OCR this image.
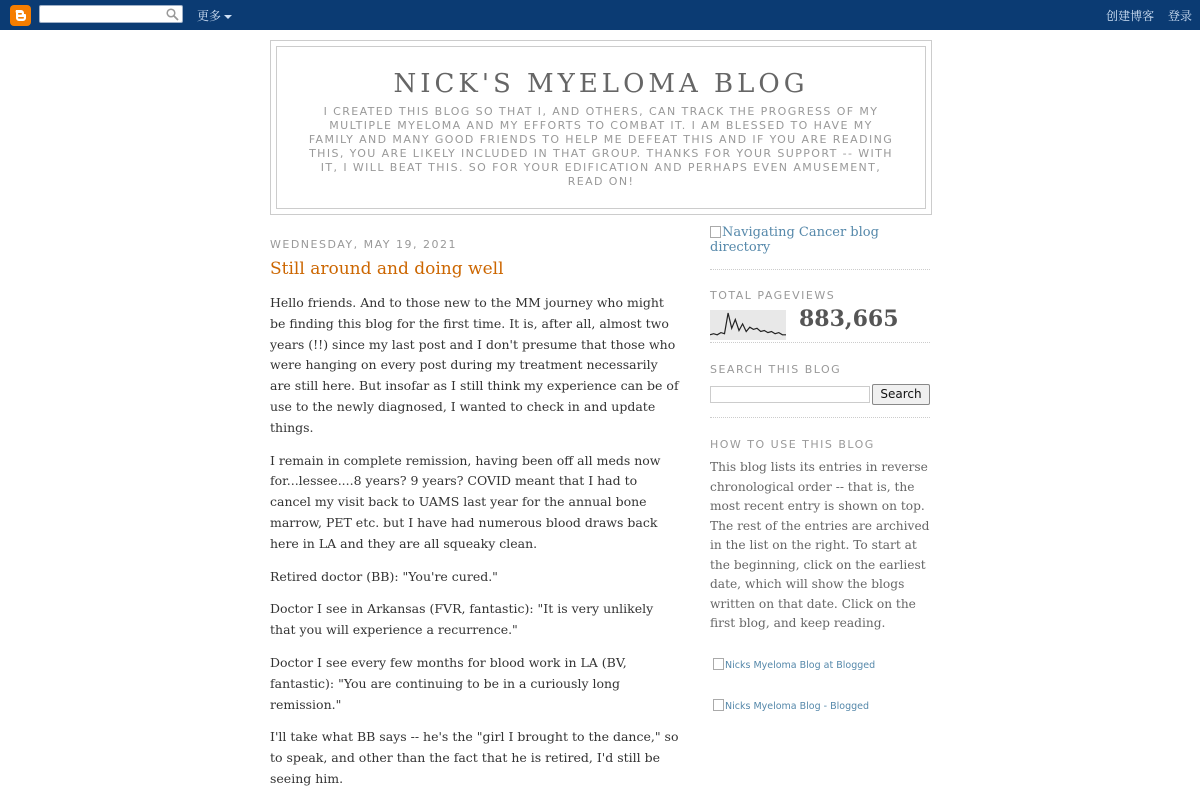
更多	创建博客 登录
NICK'S MYELOMA BLOG
I CREATED THIS BLOG SO THAT I, AND OTHERS, CAN TRACK THE PROGRESS OF MY MULTIPLE MYELOMA AND MY EFFORTS TO COMBAT IT. I AM BLESSED TO HAVE MY FAMILY AND MANY GOOD FRIENDS TO HELP ME DEFEAT THIS AND IF YOU ARE READING THIS, YOU ARE LIKELY INCLUDED IN THAT GROUP. THANKS FOR YOUR SUPPORT -- WITH IT, I WILL BEAT THIS. SO FOR YOUR EDIFICATION AND PERHAPS EVEN AMUSEMENT, READ ON!
WEDNESDAY, MAY 19, 2021
Still around and doing well

Hello friends. And to those new to the MM journey who might be finding this blog for the first time. It is, after all, almost two years (!!) since my last post and I don't presume that those who were hanging on every post during my treatment necessarily are still here. But insofar as I still think my experience can be of use to the newly diagnosed, I wanted to check in and update things.

I remain in complete remission, having been off all meds now for...lessee....8 years? 9 years? COVID meant that I had to cancel my visit back to UAMS last year for the annual bone marrow, PET etc. but I have had numerous blood draws back here in LA and they are all squeaky clean.

Retired doctor (BB): "You're cured."

Doctor I see in Arkansas (FVR, fantastic): "It is very unlikely that you will experience a recurrence."

Doctor I see every few months for blood work in LA (BV, fantastic): "You are continuing to be in a curiously long remission."

I'll take what BB says -- he's the "girl I brought to the dance," so to speak, and other than the fact that he is retired, I'd still be seeing him.

Navigating Cancer blog directory

TOTAL PAGEVIEWS

883,665

SEARCH THIS BLOG

Search

HOW TO USE THIS BLOG

This blog lists its entries in reverse chronological order -- that is, the most recent entry is shown on top. The rest of the entries are archived in the list on the right. To start at the beginning, click on the earliest date, which will show the blogs written on that date. Click on the first blog, and keep reading.

Nicks Myeloma Blog at Blogged

Nicks Myeloma Blog - Blogged
